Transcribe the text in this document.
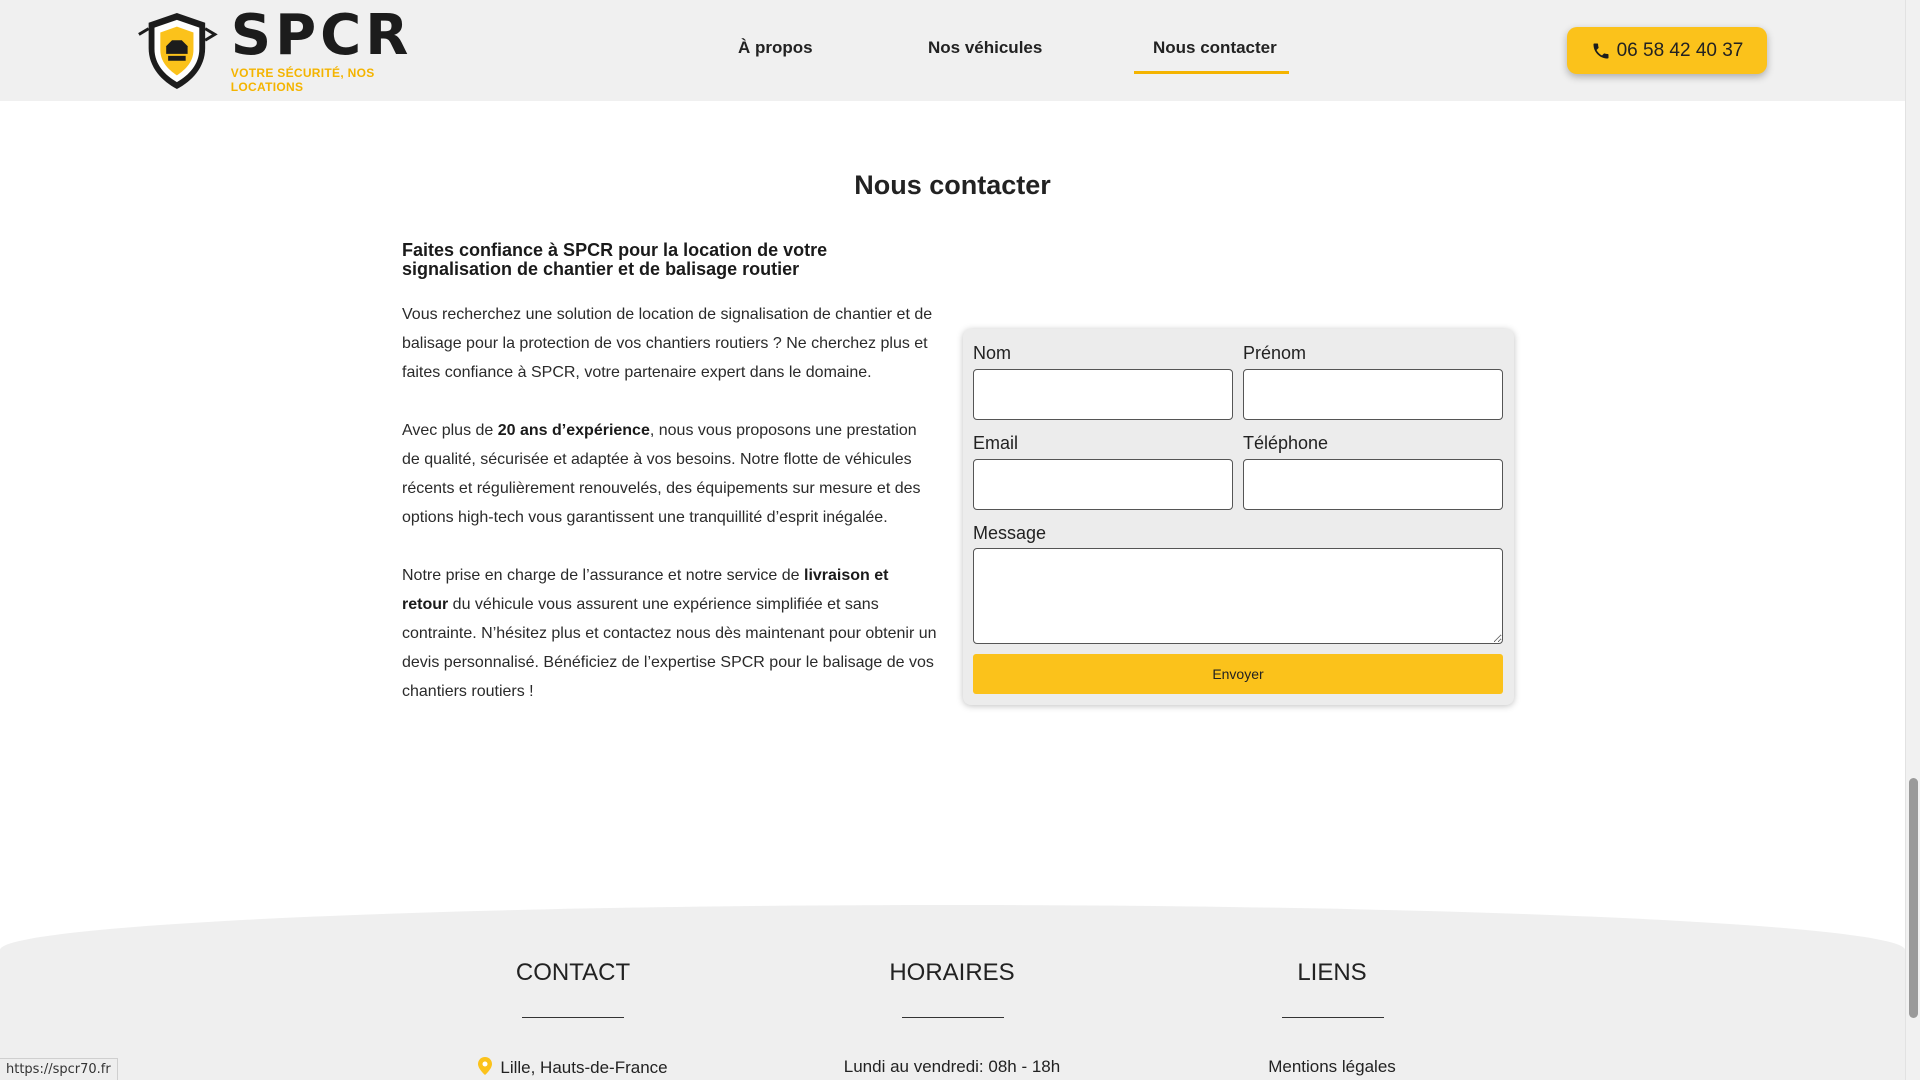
SPCR
VOTRE SÉCURITÉ, NOS LOCATIONS
À propos	Nos véhicules	Nous contacter	06 58 42 40 37
Nous contacter
Faites confiance à SPCR pour la location de votre signalisation de chantier et de balisage routier

Vous recherchez une solution de location de signalisation de chantier et de balisage pour la protection de vos chantiers routiers ? Ne cherchez plus et faites confiance à SPCR, votre partenaire expert dans le domaine.

Avec plus de 20 ans d’expérience, nous vous proposons une prestation de qualité, sécurisée et adaptée à vos besoins. Notre flotte de véhicules récents et régulièrement renouvelés, des équipements sur mesure et des options high-tech vous garantissent une tranquillité d’esprit inégalée.

Notre prise en charge de l’assurance et notre service de livraison et retour du véhicule vous assurent une expérience simplifiée et sans contrainte. N’hésitez plus et contactez nous dès maintenant pour obtenir un devis personnalisé. Bénéficiez de l’expertise SPCR pour le balisage de vos chantiers routiers !

Nom	Prénom
Email	Téléphone
Message
Envoyer
CONTACT
Lille, Hauts-de-France
HORAIRES
Lundi au vendredi: 08h - 18h
LIENS
Mentions légales
https://spcr70.fr
